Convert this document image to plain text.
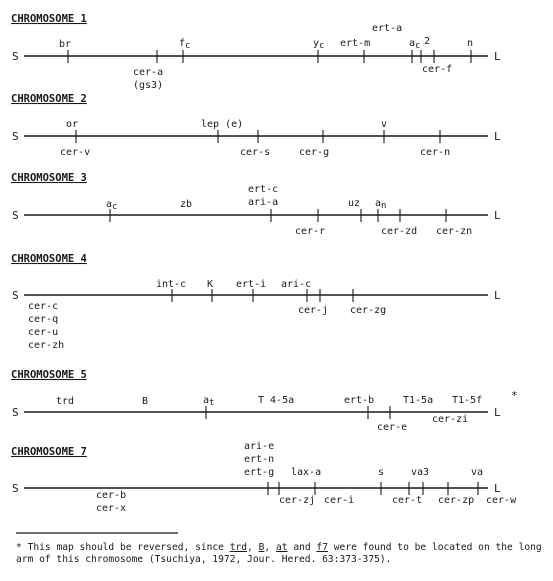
CHROMOSOME 1
S	L
br	fc	yc ert-m
ert-a
ac 2	n
cer-a
(gs3)
cer-f
CHROMOSOME 2
S	L
or	lep (e)	v
cer-v	cer-s	cer-g	cer-n
CHROMOSOME 3
S	L
ac	zb
ert-c
ari-a	uz an
cer-r	cer-zd cer-zn
CHROMOSOME 4
S	L
int-c K ert-i ari-c
cer-c
cer-q
cer-u
cer-zh
cer-j cer-zg
CHROMOSOME 5
S	L
*
trd	B	at	T 4-5a	ert-b	T1-5a T1-5f
cer-e
cer-zi
CHROMOSOME 7
S	L
ari-e
ert-n
ert-g lax-a	s	va3	va
cer-b
cer-x
cer-zj cer-i	cer-t cer-zp cer-w

* This map should be reversed, since trd, B, at and f7 were found to be located on the long arm of this chromosome (Tsuchiya, 1972, Jour. Hered. 63:373-375).
